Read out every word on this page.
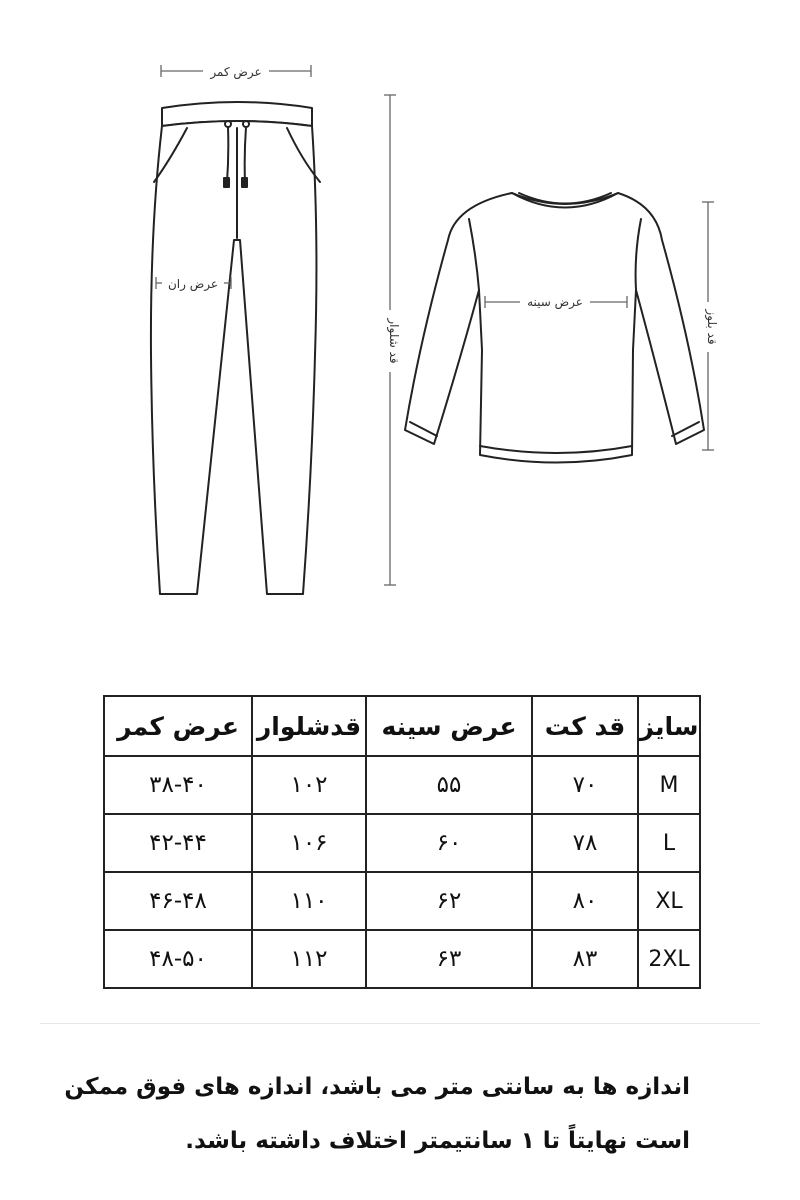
عرض کمر
عرض ران
قد شلوار
عرض سینه
قد بلوز
سایز	قد کت	عرض سینه	قدشلوار	عرض کمر
M	۷۰	۵۵	۱۰۲	۳۸-۴۰
L	۷۸	۶۰	۱۰۶	۴۲-۴۴
XL	۸۰	۶۲	۱۱۰	۴۶-۴۸
2XL	۸۳	۶۳	۱۱۲	۴۸-۵۰
اندازه ها به سانتی متر می باشد، اندازه های فوق ممکن
است نهایتاً تا ۱ سانتیمتر اختلاف داشته باشد.
